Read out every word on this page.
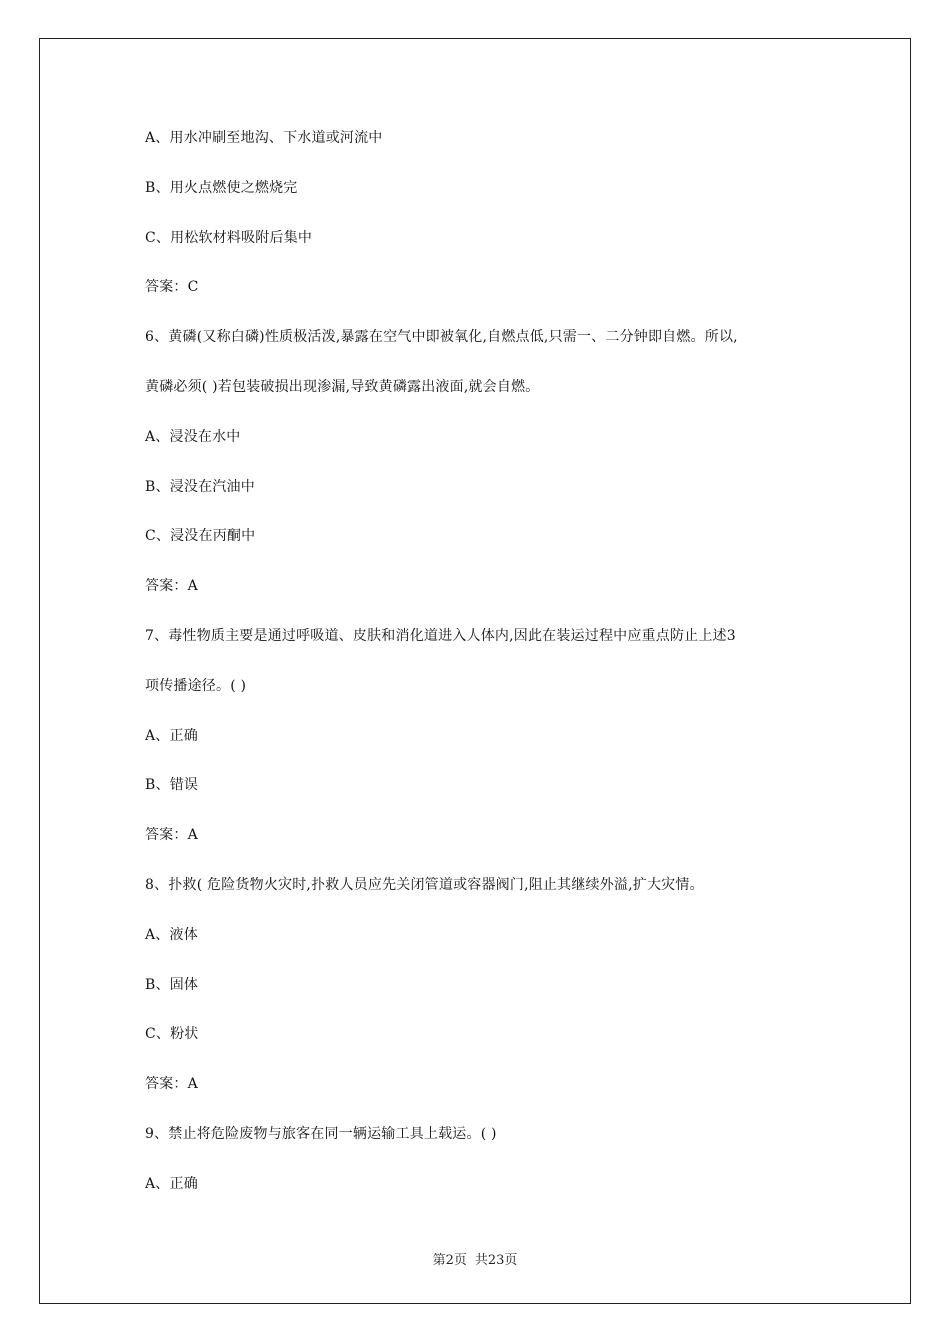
A、用水冲刷至地沟、下水道或河流中
B、用火点燃使之燃烧完
C、用松软材料吸附后集中
答案：C
6、黄磷(又称白磷)性质极活泼,暴露在空气中即被氧化,自燃点低,只需一、二分钟即自燃。所以,
黄磷必须( )若包装破损出现渗漏,导致黄磷露出液面,就会自燃。
A、浸没在水中
B、浸没在汽油中
C、浸没在丙酮中
答案：A
7、毒性物质主要是通过呼吸道、皮肤和消化道进入人体内,因此在装运过程中应重点防止上述3
项传播途径。( )
A、正确
B、错误
答案：A
8、扑救( 危险货物火灾时,扑救人员应先关闭管道或容器阀门,阻止其继续外溢,扩大灾情。
A、液体
B、固体
C、粉状
答案：A
9、禁止将危险废物与旅客在同一辆运输工具上载运。( )
A、正确
第2页 共23页
